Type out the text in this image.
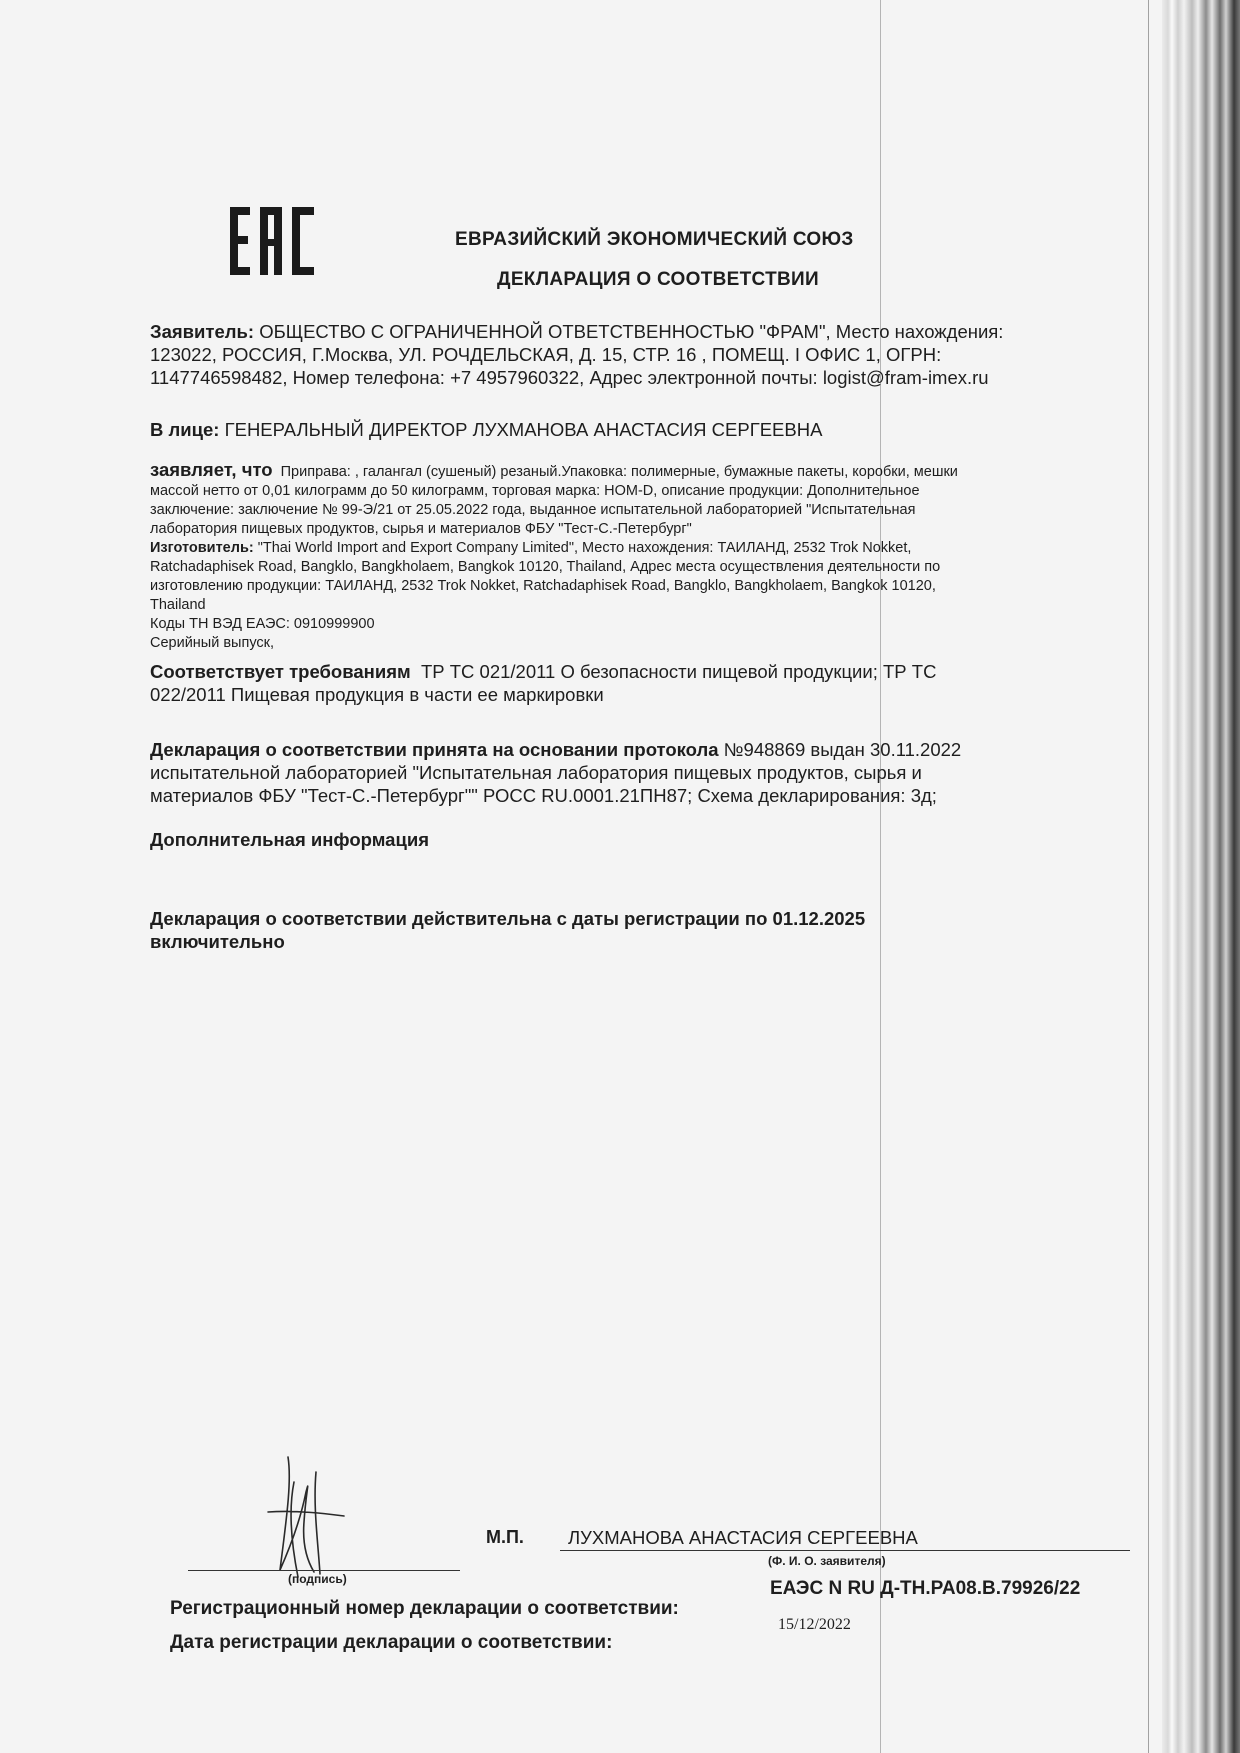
ЕВРАЗИЙСКИЙ ЭКОНОМИЧЕСКИЙ СОЮЗ
ДЕКЛАРАЦИЯ О СООТВЕТСТВИИ
Заявитель: ОБЩЕСТВО С ОГРАНИЧЕННОЙ ОТВЕТСТВЕННОСТЬЮ "ФРАМ", Место нахождения:
123022, РОССИЯ, Г.Москва, УЛ. РОЧДЕЛЬСКАЯ, Д. 15, СТР. 16 , ПОМЕЩ. I ОФИС 1, ОГРН:
1147746598482, Номер телефона: +7 4957960322, Адрес электронной почты: logist@fram-imex.ru
В лице: ГЕНЕРАЛЬНЫЙ ДИРЕКТОР ЛУХМАНОВА АНАСТАСИЯ СЕРГЕЕВНА
заявляет, что Приправа: , галангал (сушеный) резаный.Упаковка: полимерные, бумажные пакеты, коробки, мешки
массой нетто от 0,01 килограмм до 50 килограмм, торговая марка: HOM-D, описание продукции: Дополнительное
заключение: заключение № 99-Э/21 от 25.05.2022 года, выданное испытательной лабораторией "Испытательная
лаборатория пищевых продуктов, сырья и материалов ФБУ "Тест-С.-Петербург"
Изготовитель: "Thai World Import and Export Company Limited", Место нахождения: ТАИЛАНД, 2532 Trok Nokket,
Ratchadaphisek Road, Bangklo, Bangkholaem, Bangkok 10120, Thailand, Адрес места осуществления деятельности по
изготовлению продукции: ТАИЛАНД, 2532 Trok Nokket, Ratchadaphisek Road, Bangklo, Bangkholaem, Bangkok 10120,
Thailand
Коды ТН ВЭД ЕАЭС: 0910999900
Серийный выпуск,
Соответствует требованиям ТР ТС 021/2011 О безопасности пищевой продукции; ТР ТС
022/2011 Пищевая продукция в части ее маркировки
Декларация о соответствии принята на основании протокола №948869 выдан 30.11.2022
испытательной лабораторией "Испытательная лаборатория пищевых продуктов, сырья и
материалов ФБУ "Тест-С.-Петербург"" РОСС RU.0001.21ПН87; Схема декларирования: 3д;
Дополнительная информация
Декларация о соответствии действительна с даты регистрации по 01.12.2025
включительно
(подпись)
М.П. ЛУХМАНОВА АНАСТАСИЯ СЕРГЕЕВНА
(Ф. И. О. заявителя)
Регистрационный номер декларации о соответствии:
ЕАЭС N RU Д-TH.PA08.B.79926/22
Дата регистрации декларации о соответствии:
15/12/2022
